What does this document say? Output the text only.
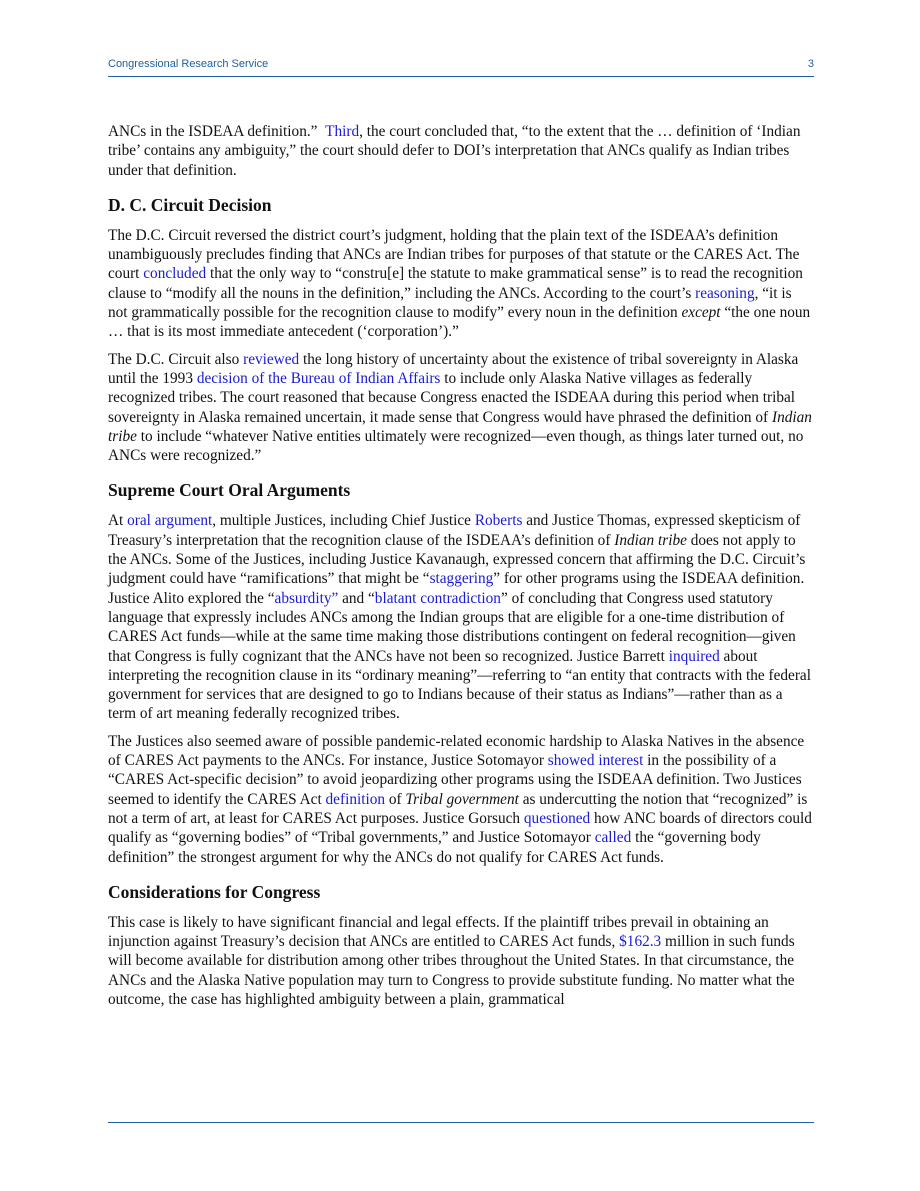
Congressional Research Service	3

ANCs in the ISDEAA definition.”  Third, the court concluded that, “to the extent that the … definition of ‘Indian tribe’ contains any ambiguity,” the court should defer to DOI’s interpretation that ANCs qualify as Indian tribes under that definition.

D. C. Circuit Decision

The D.C. Circuit reversed the district court’s judgment, holding that the plain text of the ISDEAA’s definition unambiguously precludes finding that ANCs are Indian tribes for purposes of that statute or the CARES Act. The court concluded that the only way to “constru[e] the statute to make grammatical sense” is to read the recognition clause to “modify all the nouns in the definition,” including the ANCs. According to the court’s reasoning, “it is not grammatically possible for the recognition clause to modify” every noun in the definition except “the one noun … that is its most immediate antecedent (‘corporation’).”

The D.C. Circuit also reviewed the long history of uncertainty about the existence of tribal sovereignty in Alaska until the 1993 decision of the Bureau of Indian Affairs to include only Alaska Native villages as federally recognized tribes. The court reasoned that because Congress enacted the ISDEAA during this period when tribal sovereignty in Alaska remained uncertain, it made sense that Congress would have phrased the definition of Indian tribe to include “whatever Native entities ultimately were recognized—even though, as things later turned out, no ANCs were recognized.”

Supreme Court Oral Arguments

At oral argument, multiple Justices, including Chief Justice Roberts and Justice Thomas, expressed skepticism of Treasury’s interpretation that the recognition clause of the ISDEAA’s definition of Indian tribe does not apply to the ANCs. Some of the Justices, including Justice Kavanaugh, expressed concern that affirming the D.C. Circuit’s judgment could have “ramifications” that might be “staggering” for other programs using the ISDEAA definition. Justice Alito explored the “absurdity” and “blatant contradiction” of concluding that Congress used statutory language that expressly includes ANCs among the Indian groups that are eligible for a one-time distribution of CARES Act funds—while at the same time making those distributions contingent on federal recognition—given that Congress is fully cognizant that the ANCs have not been so recognized. Justice Barrett inquired about interpreting the recognition clause in its “ordinary meaning”—referring to “an entity that contracts with the federal government for services that are designed to go to Indians because of their status as Indians”—rather than as a term of art meaning federally recognized tribes.

The Justices also seemed aware of possible pandemic-related economic hardship to Alaska Natives in the absence of CARES Act payments to the ANCs. For instance, Justice Sotomayor showed interest in the possibility of a “CARES Act-specific decision” to avoid jeopardizing other programs using the ISDEAA definition. Two Justices seemed to identify the CARES Act definition of Tribal government as undercutting the notion that “recognized” is not a term of art, at least for CARES Act purposes. Justice Gorsuch questioned how ANC boards of directors could qualify as “governing bodies” of “Tribal governments,” and Justice Sotomayor called the “governing body definition” the strongest argument for why the ANCs do not qualify for CARES Act funds.

Considerations for Congress

This case is likely to have significant financial and legal effects. If the plaintiff tribes prevail in obtaining an injunction against Treasury’s decision that ANCs are entitled to CARES Act funds, $162.3 million in such funds will become available for distribution among other tribes throughout the United States. In that circumstance, the ANCs and the Alaska Native population may turn to Congress to provide substitute funding. No matter what the outcome, the case has highlighted ambiguity between a plain, grammatical
